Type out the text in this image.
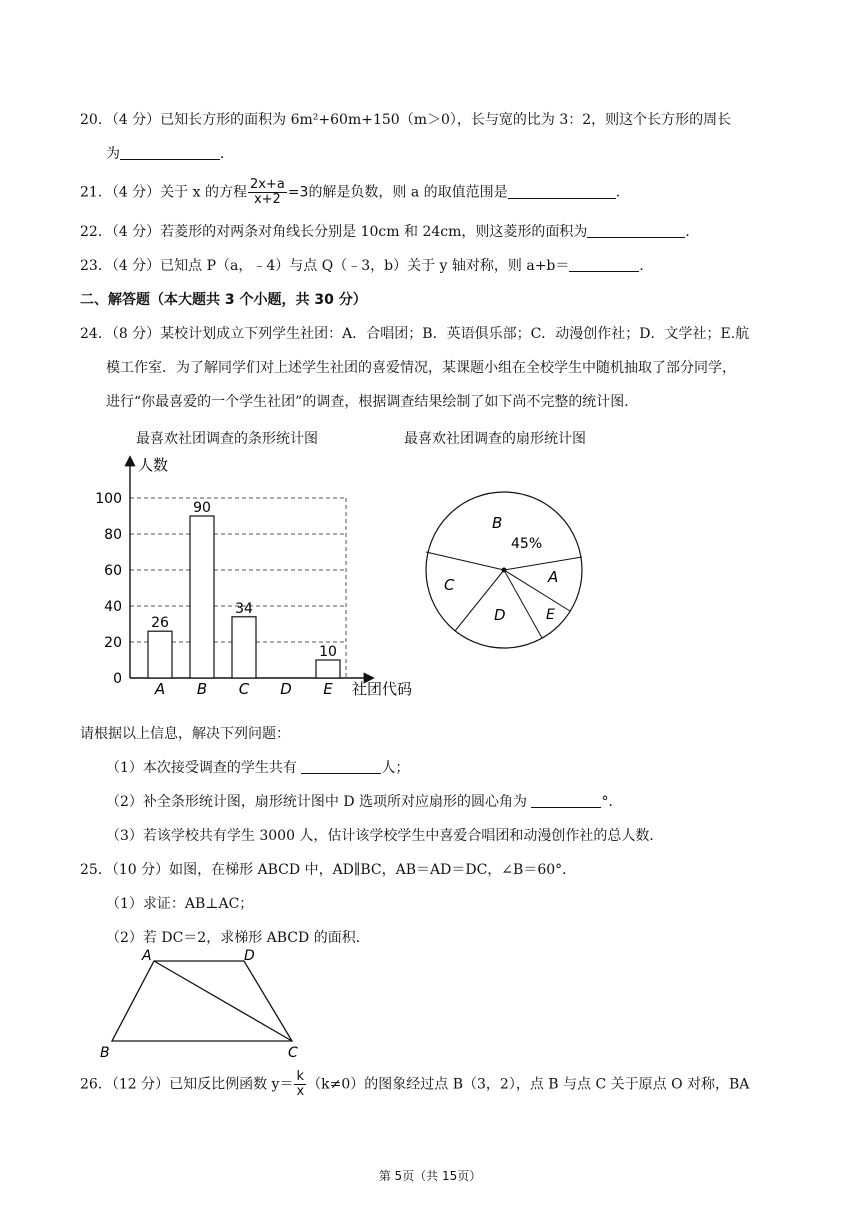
20．（4 分）已知长方形的面积为 6m²+60m+150（m＞0），长与宽的比为 3：2，则这个长方形的周长
为	．
21．（4 分）关于 x 的方程 $\frac{2x+a}{x+2} =3$的解是负数，则 a 的取值范围是	．
22．（4 分）若菱形的对两条对角线长分别是 10cm 和 24cm，则这菱形的面积为	．
23．（4 分）已知点 P（a，﹣4）与点 Q（﹣3，b）关于 y 轴对称，则 a+b＝	．
二、解答题（本大题共 3 个小题，共 30 分）
24．（8 分）某校计划成立下列学生社团：A．合唱团；B．英语俱乐部；C．动漫创作社；D．文学社；E.航
模工作室．为了解同学们对上述学生社团的喜爱情况，某课题小组在全校学生中随机抽取了部分同学，
进行“你最喜爱的一个学生社团”的调查，根据调查结果绘制了如下尚不完整的统计图．
最喜欢社团调查的条形统计图	最喜欢社团调查的扇形统计图
人数
社团代码
0
20
40
60
80
100
26
A
90
B
34
C D
10
E
B
45%
A
E
D
C
请根据以上信息，解决下列问题：
（1）本次接受调查的学生共有	人；
（2）补全条形统计图，扇形统计图中 D 选项所对应扇形的圆心角为	°．
（3）若该学校共有学生 3000 人，估计该学校学生中喜爱合唱团和动漫创作社的总人数．
25．（10 分）如图，在梯形 ABCD 中，AD∥BC，AB＝AD＝DC，∠B＝60°．
（1）求证：AB⊥AC；
（2）若 DC＝2，求梯形 ABCD 的面积．
A	D
B	C
26．（12 分）已知反比例函数 $y= \frac{k}{x} (k\ne 0)$的图象经过点 B（3，2），点 B 与点 C 关于原点 O 对称，BA
第 5页（共 15页）
